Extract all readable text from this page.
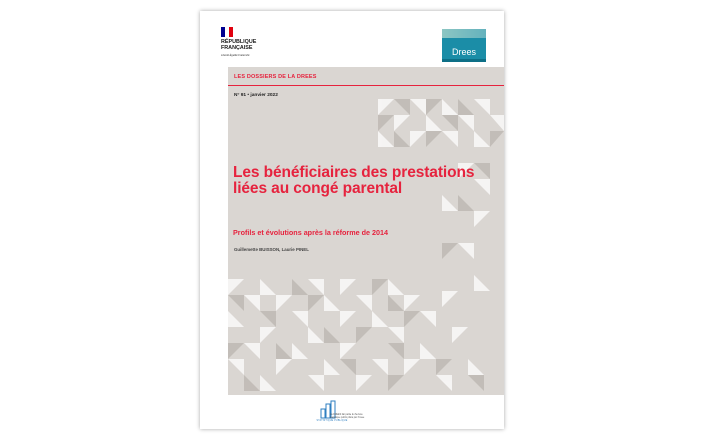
RÉPUBLIQUE
FRANÇAISE
Liberté Égalité Fraternité	Drees
LES DOSSIERS DE LA DREES
N° 91 • janvier 2022
Les bénéficiaires des prestations liées au congé parental
Profils et évolutions après la réforme de 2014
Guillemette BUISSON, Laurie PINEL
STATISTIQUE PUBLIQUE
La DREES fait partie du Service statistique public piloté par l'Insee
